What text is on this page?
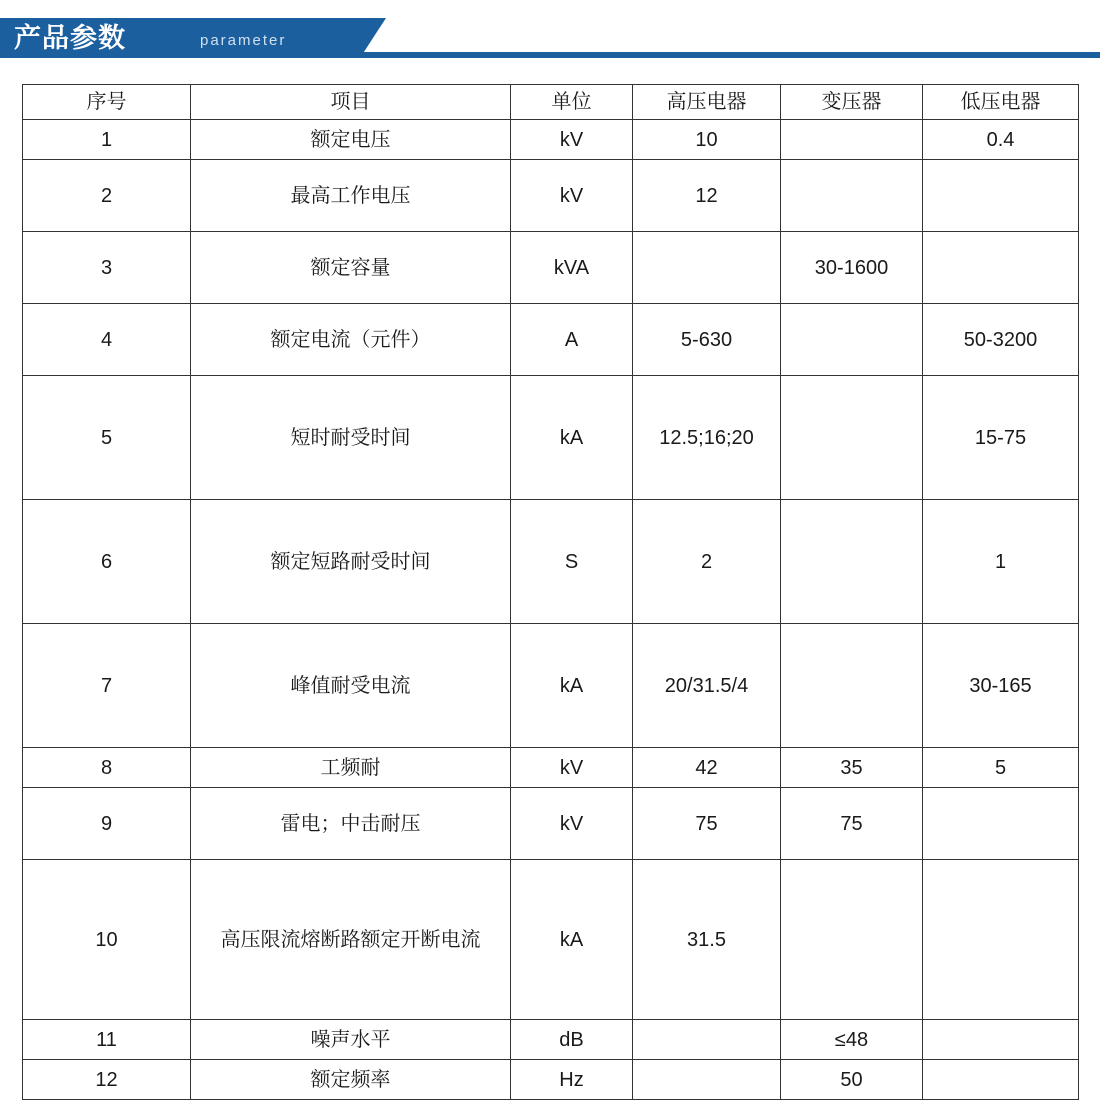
产品参数	parameter
序号	项目	单位	高压电器	变压器	低压电器
1	额定电压	kV	10		0.4
2	最高工作电压	kV	12		
3	额定容量	kVA		30-1600	
4	额定电流（元件）	A	5-630		50-3200
5	短时耐受时间	kA	12.5;16;20		15-75
6	额定短路耐受时间	S	2		1
7	峰值耐受电流	kA	20/31.5/4		30-165
8	工频耐	kV	42	35	5
9	雷电；中击耐压	kV	75	75	
10	高压限流熔断路额定开断电流	kA	31.5		
11	噪声水平	dB		≤48	
12	额定频率	Hz		50	
